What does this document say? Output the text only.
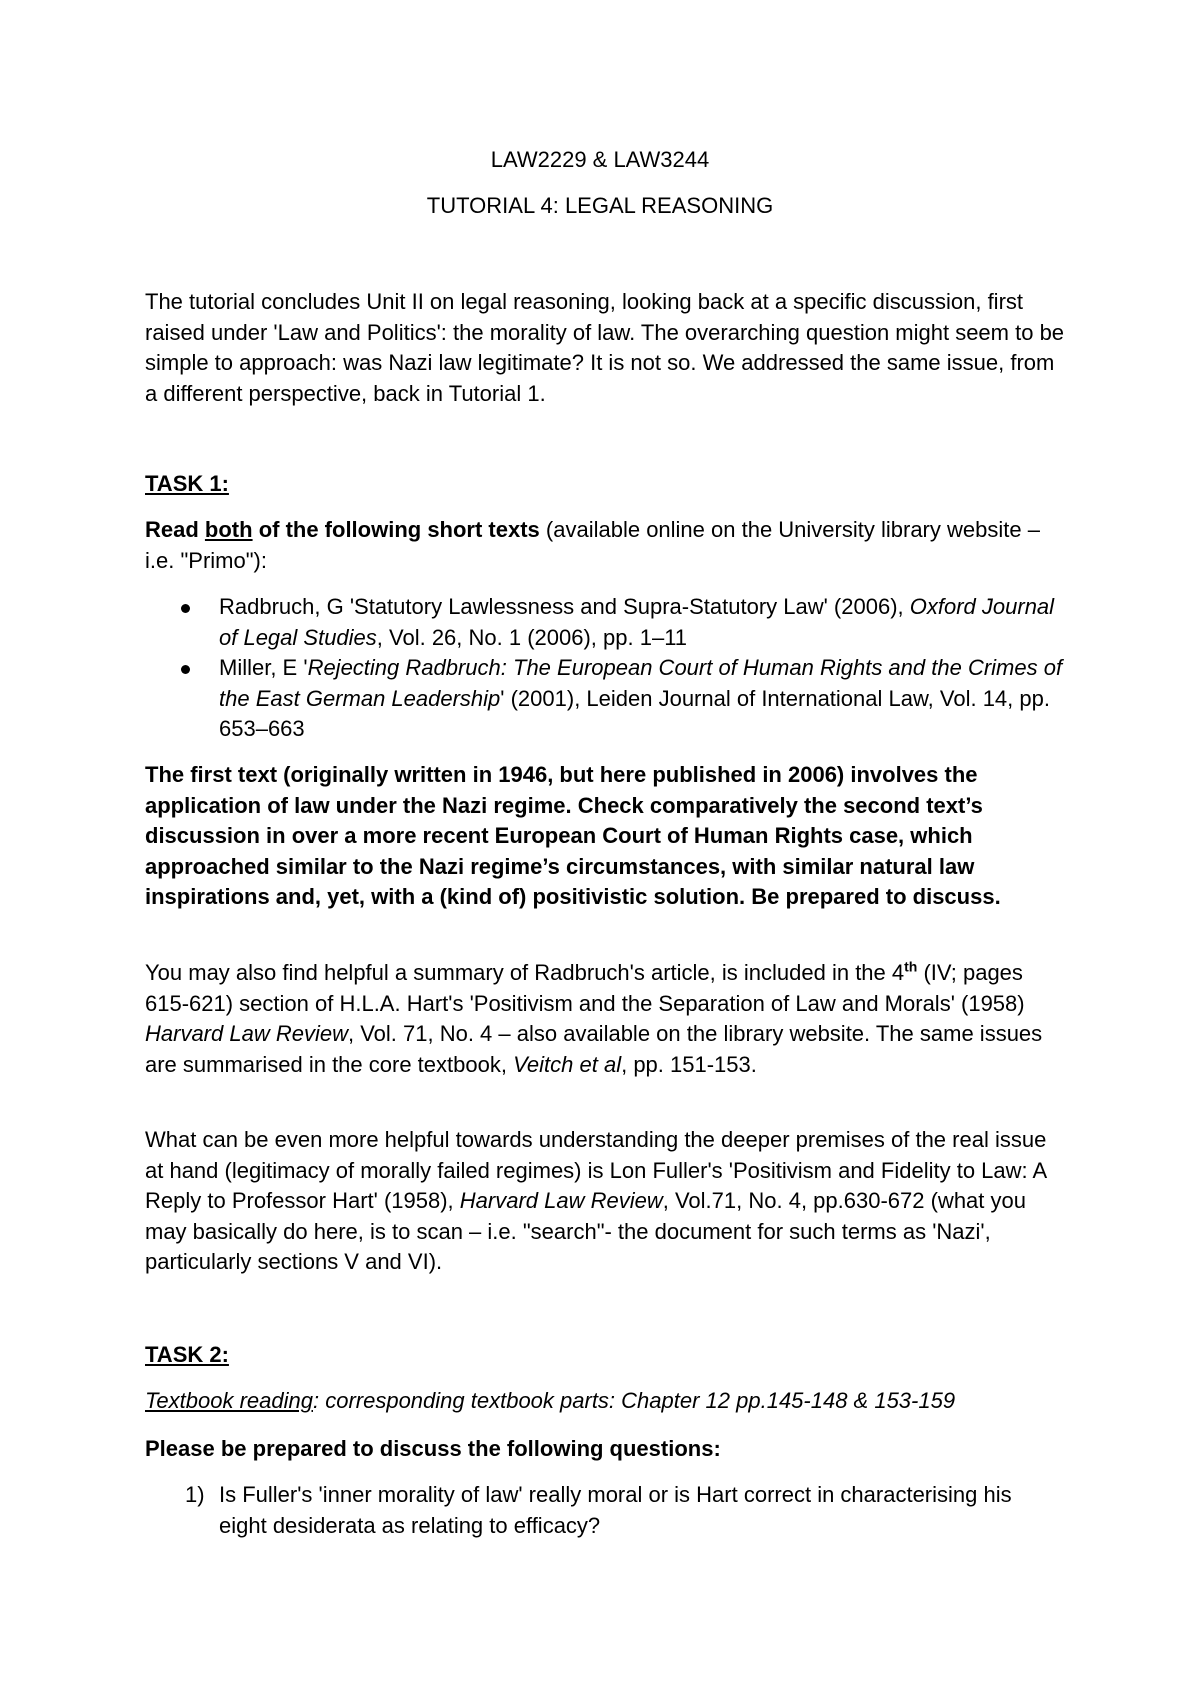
LAW2229 & LAW3244
TUTORIAL 4: LEGAL REASONING
The tutorial concludes Unit II on legal reasoning, looking back at a specific discussion, first raised under 'Law and Politics': the morality of law. The overarching question might seem to be simple to approach: was Nazi law legitimate? It is not so. We addressed the same issue, from a different perspective, back in Tutorial 1.
TASK 1:
Read both of the following short texts (available online on the University library website – i.e. "Primo"):
Radbruch, G 'Statutory Lawlessness and Supra-Statutory Law' (2006), Oxford Journal of Legal Studies, Vol. 26, No. 1 (2006), pp. 1–11
Miller, E 'Rejecting Radbruch: The European Court of Human Rights and the Crimes of the East German Leadership' (2001), Leiden Journal of International Law, Vol. 14, pp. 653–663
The first text (originally written in 1946, but here published in 2006) involves the application of law under the Nazi regime. Check comparatively the second text’s discussion in over a more recent European Court of Human Rights case, which approached similar to the Nazi regime’s circumstances, with similar natural law inspirations and, yet, with a (kind of) positivistic solution. Be prepared to discuss.
You may also find helpful a summary of Radbruch's article, is included in the 4th (IV; pages 615-621) section of H.L.A. Hart's 'Positivism and the Separation of Law and Morals' (1958) Harvard Law Review, Vol. 71, No. 4 – also available on the library website. The same issues are summarised in the core textbook, Veitch et al, pp. 151-153.
What can be even more helpful towards understanding the deeper premises of the real issue at hand (legitimacy of morally failed regimes) is Lon Fuller's 'Positivism and Fidelity to Law: A Reply to Professor Hart' (1958), Harvard Law Review, Vol.71, No. 4, pp.630-672 (what you may basically do here, is to scan – i.e. "search"- the document for such terms as 'Nazi', particularly sections V and VI).
TASK 2:
Textbook reading: corresponding textbook parts: Chapter 12 pp.145-148 & 153-159
Please be prepared to discuss the following questions:
1) Is Fuller's 'inner morality of law' really moral or is Hart correct in characterising his eight desiderata as relating to efficacy?
